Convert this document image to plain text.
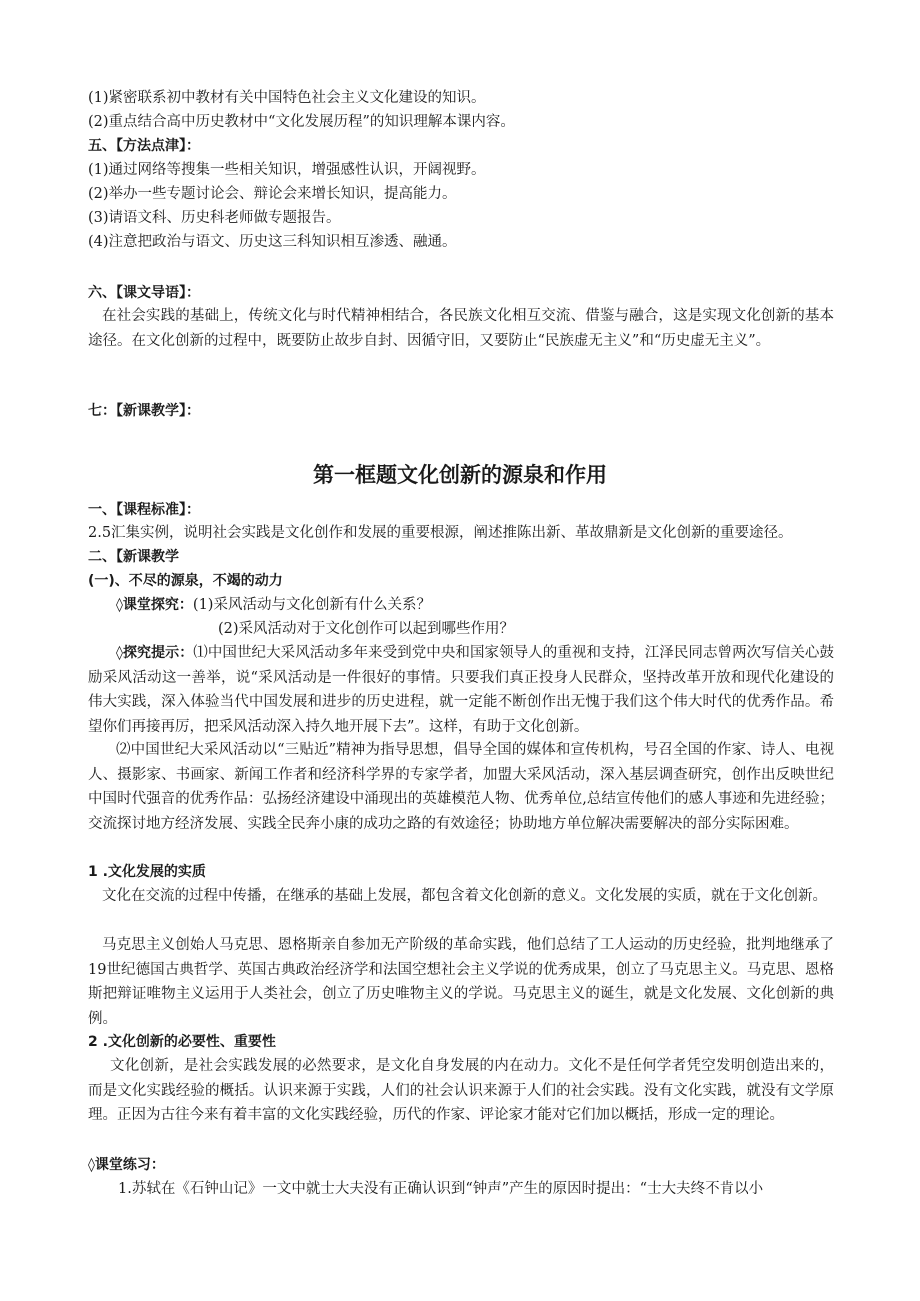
(1)紧密联系初中教材有关中国特色社会主义文化建设的知识。
(2)重点结合高中历史教材中“文化发展历程”的知识理解本课内容。
五、【方法点津】：
(1)通过网络等搜集一些相关知识，增强感性认识，开阔视野。
(2)举办一些专题讨论会、辩论会来增长知识，提高能力。
(3)请语文科、历史科老师做专题报告。
(4)注意把政治与语文、历史这三科知识相互渗透、融通。
六、【课文导语】：
在社会实践的基础上，传统文化与时代精神相结合，各民族文化相互交流、借鉴与融合，这是实现文化创新的基本途径。在文化创新的过程中，既要防止故步自封、因循守旧，又要防止“民族虚无主义”和“历史虚无主义”。
七：【新课教学】：
第一框题文化创新的源泉和作用
一、【课程标准】：
2.5汇集实例，说明社会实践是文化创作和发展的重要根源，阐述推陈出新、革故鼎新是文化创新的重要途径。
二、【新课教学
(一)、不尽的源泉，不竭的动力
◊课堂探究：(1)采风活动与文化创新有什么关系？
(2)采风活动对于文化创作可以起到哪些作用？
◊探究提示：⑴中国世纪大采风活动多年来受到党中央和国家领导人的重视和支持，江泽民同志曾两次写信关心鼓励采风活动这一善举，说“采风活动是一件很好的事情。只要我们真正投身人民群众，坚持改革开放和现代化建设的伟大实践，深入体验当代中国发展和进步的历史进程，就一定能不断创作出无愧于我们这个伟大时代的优秀作品。希望你们再接再厉，把采风活动深入持久地开展下去”。这样，有助于文化创新。
⑵中国世纪大采风活动以“三贴近”精神为指导思想，倡导全国的媒体和宣传机构，号召全国的作家、诗人、电视人、摄影家、书画家、新闻工作者和经济科学界的专家学者，加盟大采风活动，深入基层调查研究，创作出反映世纪中国时代强音的优秀作品：弘扬经济建设中涌现出的英雄模范人物、优秀单位,总结宣传他们的感人事迹和先进经验；交流探讨地方经济发展、实践全民奔小康的成功之路的有效途径；协助地方单位解决需要解决的部分实际困难。
1 .文化发展的实质
文化在交流的过程中传播，在继承的基础上发展，都包含着文化创新的意义。文化发展的实质，就在于文化创新。
马克思主义创始人马克思、恩格斯亲自参加无产阶级的革命实践，他们总结了工人运动的历史经验，批判地继承了19世纪德国古典哲学、英国古典政治经济学和法国空想社会主义学说的优秀成果，创立了马克思主义。马克思、恩格斯把辩证唯物主义运用于人类社会，创立了历史唯物主义的学说。马克思主义的诞生，就是文化发展、文化创新的典例。
2 .文化创新的必要性、重要性
文化创新，是社会实践发展的必然要求，是文化自身发展的内在动力。文化不是任何学者凭空发明创造出来的，而是文化实践经验的概括。认识来源于实践，人们的社会认识来源于人们的社会实践。没有文化实践，就没有文学原理。正因为古往今来有着丰富的文化实践经验，历代的作家、评论家才能对它们加以概括，形成一定的理论。
◊课堂练习：
1.苏轼在《石钟山记》一文中就士大夫没有正确认识到“钟声”产生的原因时提出：“士大夫终不肯以小
